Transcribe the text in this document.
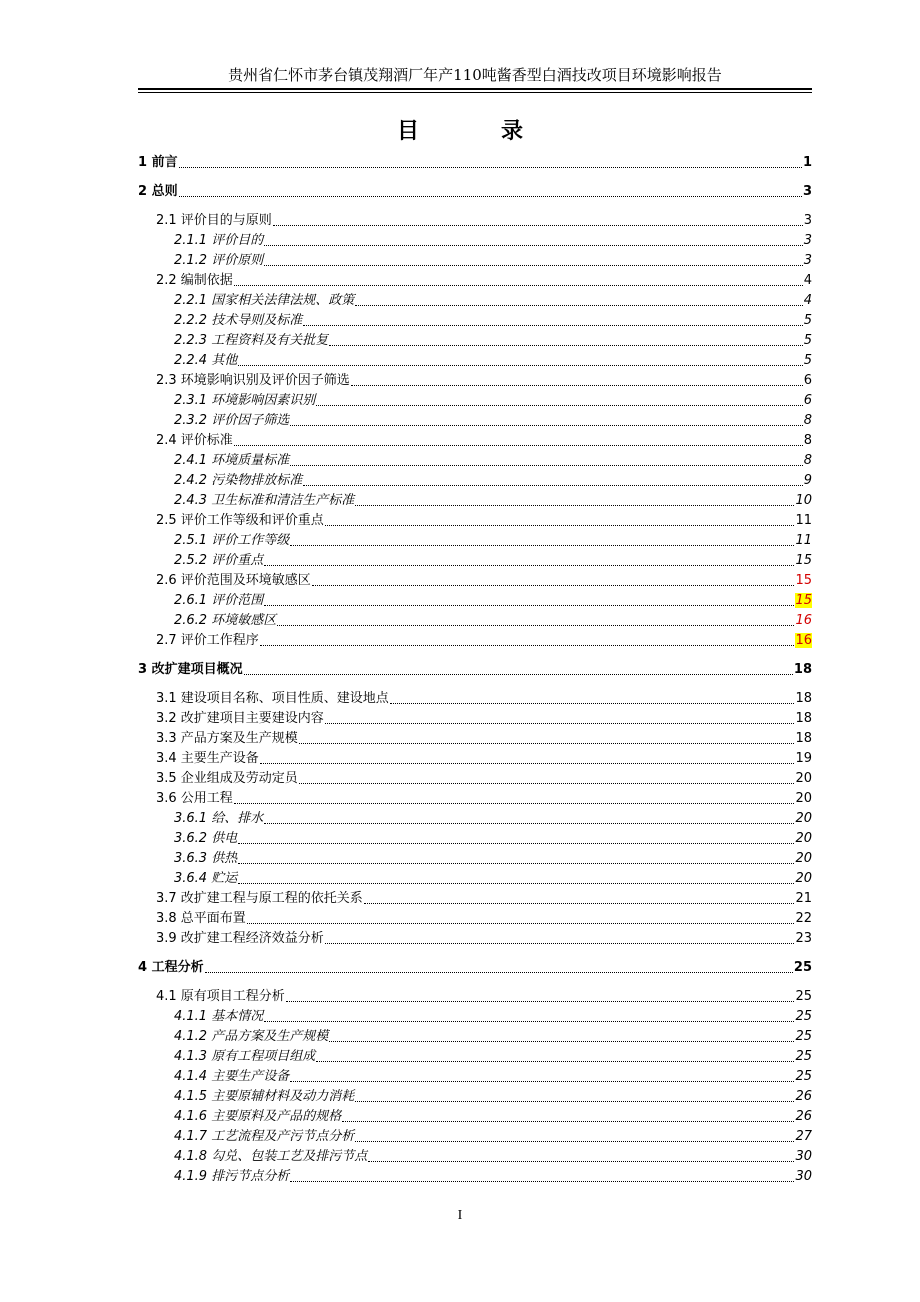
贵州省仁怀市茅台镇茂翔酒厂年产110吨酱香型白酒技改项目环境影响报告
目　录
1 前言	1
2 总则	3
2.1 评价目的与原则	3
2.1.1 评价目的	3
2.1.2 评价原则	3
2.2 编制依据	4
2.2.1 国家相关法律法规、政策	4
2.2.2 技术导则及标准	5
2.2.3 工程资料及有关批复	5
2.2.4 其他	5
2.3 环境影响识别及评价因子筛选	6
2.3.1 环境影响因素识别	6
2.3.2 评价因子筛选	8
2.4 评价标准	8
2.4.1 环境质量标准	8
2.4.2 污染物排放标准	9
2.4.3 卫生标准和清洁生产标准	10
2.5 评价工作等级和评价重点	11
2.5.1 评价工作等级	11
2.5.2 评价重点	15
2.6 评价范围及环境敏感区	15
2.6.1 评价范围	15
2.6.2 环境敏感区	16
2.7 评价工作程序	16
3 改扩建项目概况	18
3.1 建设项目名称、项目性质、建设地点	18
3.2 改扩建项目主要建设内容	18
3.3 产品方案及生产规模	18
3.4 主要生产设备	19
3.5 企业组成及劳动定员	20
3.6 公用工程	20
3.6.1 给、排水	20
3.6.2 供电	20
3.6.3 供热	20
3.6.4 贮运	20
3.7 改扩建工程与原工程的依托关系	21
3.8 总平面布置	22
3.9 改扩建工程经济效益分析	23
4 工程分析	25
4.1 原有项目工程分析	25
4.1.1 基本情况	25
4.1.2 产品方案及生产规模	25
4.1.3 原有工程项目组成	25
4.1.4 主要生产设备	25
4.1.5 主要原辅材料及动力消耗	26
4.1.6 主要原料及产品的规格	26
4.1.7 工艺流程及产污节点分析	27
4.1.8 勾兑、包装工艺及排污节点	30
4.1.9 排污节点分析	30
I
